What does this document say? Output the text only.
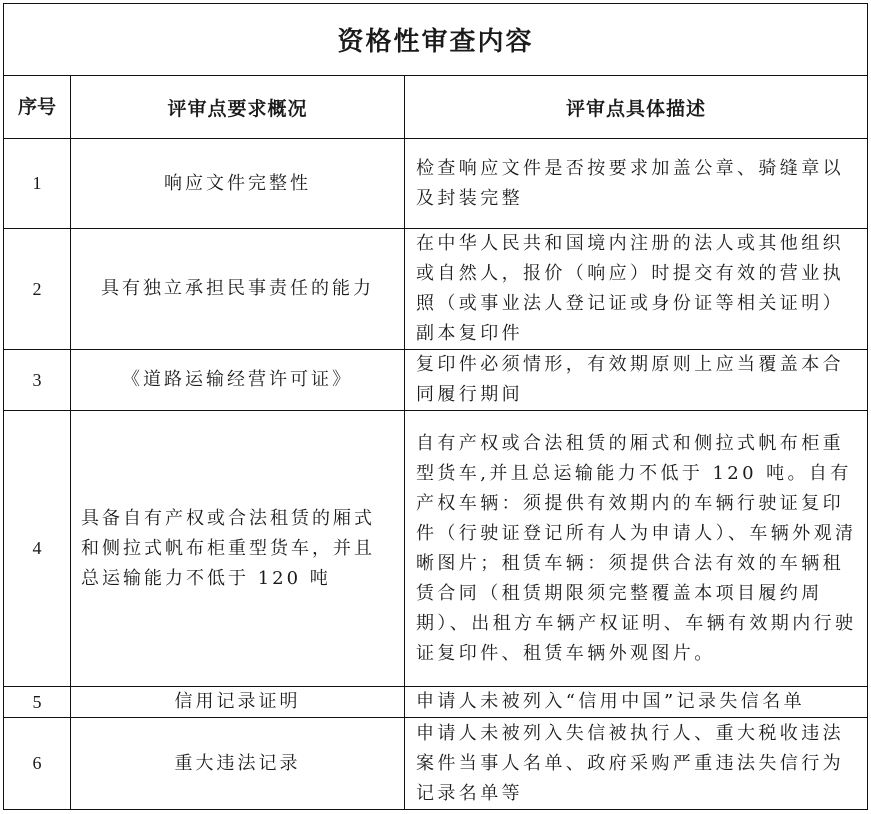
资格性审查内容		
序号	评审点要求概况	评审点具体描述
1	响应文件完整性	检查响应文件是否按要求加盖公章、骑缝章以及封装完整
2	具有独立承担民事责任的能力	在中华人民共和国境内注册的法人或其他组织或自然人，报价（响应）时提交有效的营业执照（或事业法人登记证或身份证等相关证明）副本复印件
3	《道路运输经营许可证》	复印件必须情形，有效期原则上应当覆盖本合同履行期间
4	具备自有产权或合法租赁的厢式和侧拉式帆布柜重型货车，并且总运输能力不低于 120 吨	自有产权或合法租赁的厢式和侧拉式帆布柜重型货车,并且总运输能力不低于 120 吨。自有产权车辆：须提供有效期内的车辆行驶证复印件（行驶证登记所有人为申请人）、车辆外观清晰图片；租赁车辆：须提供合法有效的车辆租赁合同（租赁期限须完整覆盖本项目履约周期）、出租方车辆产权证明、车辆有效期内行驶证复印件、租赁车辆外观图片。
5	信用记录证明	申请人未被列入“信用中国”记录失信名单
6	重大违法记录	申请人未被列入失信被执行人、重大税收违法案件当事人名单、政府采购严重违法失信行为记录名单等
